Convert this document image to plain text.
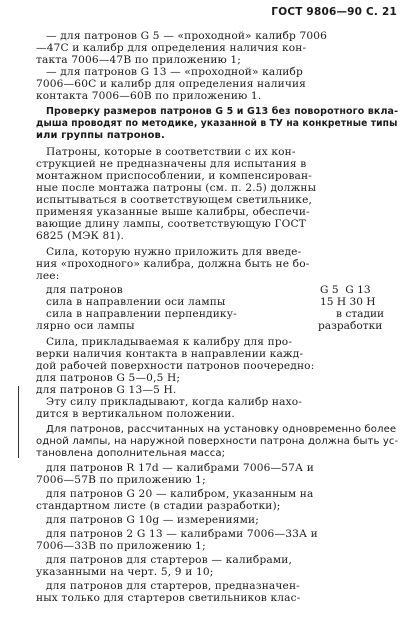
ГОСТ 9806—90 С. 21
— для патронов G 5 — «проходной» калибр 7006
—47С и калибр для определения наличия кон-
такта 7006—47В по приложению 1;
— для патронов G 13 — «проходной» калибр
7006—60С и калибр для определения наличия
контакта 7006—60В по приложению 1.
Проверку размеров патронов G 5 и G13 без поворотного вкла-
дыша проводят по методике, указанной в ТУ на конкретные типы
или группы патронов.
Патроны, которые в соответствии с их кон-
струкцией не предназначены для испытания в
монтажном приспособлении, и компенсирован-
ные после монтажа патроны (см. п. 2.5) должны
испытываться в соответствующем светильнике,
применяя указанные выше калибры, обеспечи-
вающие длину лампы, соответствующую ГОСТ
6825 (МЭК 81).
Сила, которую нужно приложить для введе-
ния «проходного» калибра, должна быть не бо-
лее:
для патронов
сила в направлении оси лампы
сила в направлении перпендику-
лярно оси лампы
G 5  G 13
15 Н 30 Н
в стадии
разработки
Сила, прикладываемая к калибру для про-
верки наличия контакта в направлении кажд-
дой рабочей поверхности патронов поочередно:
для патронов G 5—0,5 Н;
для патронов G 13—5 Н.
Эту силу прикладывают, когда калибр нахо-
дится в вертикальном положении.
Для патронов, рассчитанных на установку одновременно более
одной лампы, на наружной поверхности патрона должна быть ус-
тановлена дополнительная масса;
для патронов R 17d — калибрами 7006—57А и
7006—57В по приложению 1;
для патронов G 20 — калибром, указанным на
стандартном листе (в стадии разработки);
для патронов G 10g — измерениями;
для патронов 2 G 13 — калибрами 7006—33А и
7006—33В по приложению 1;
для патронов для стартеров — калибрами,
указанными на черт. 5, 9 и 10;
для патронов для стартеров, предназначен-
ных только для стартеров светильников клас-
